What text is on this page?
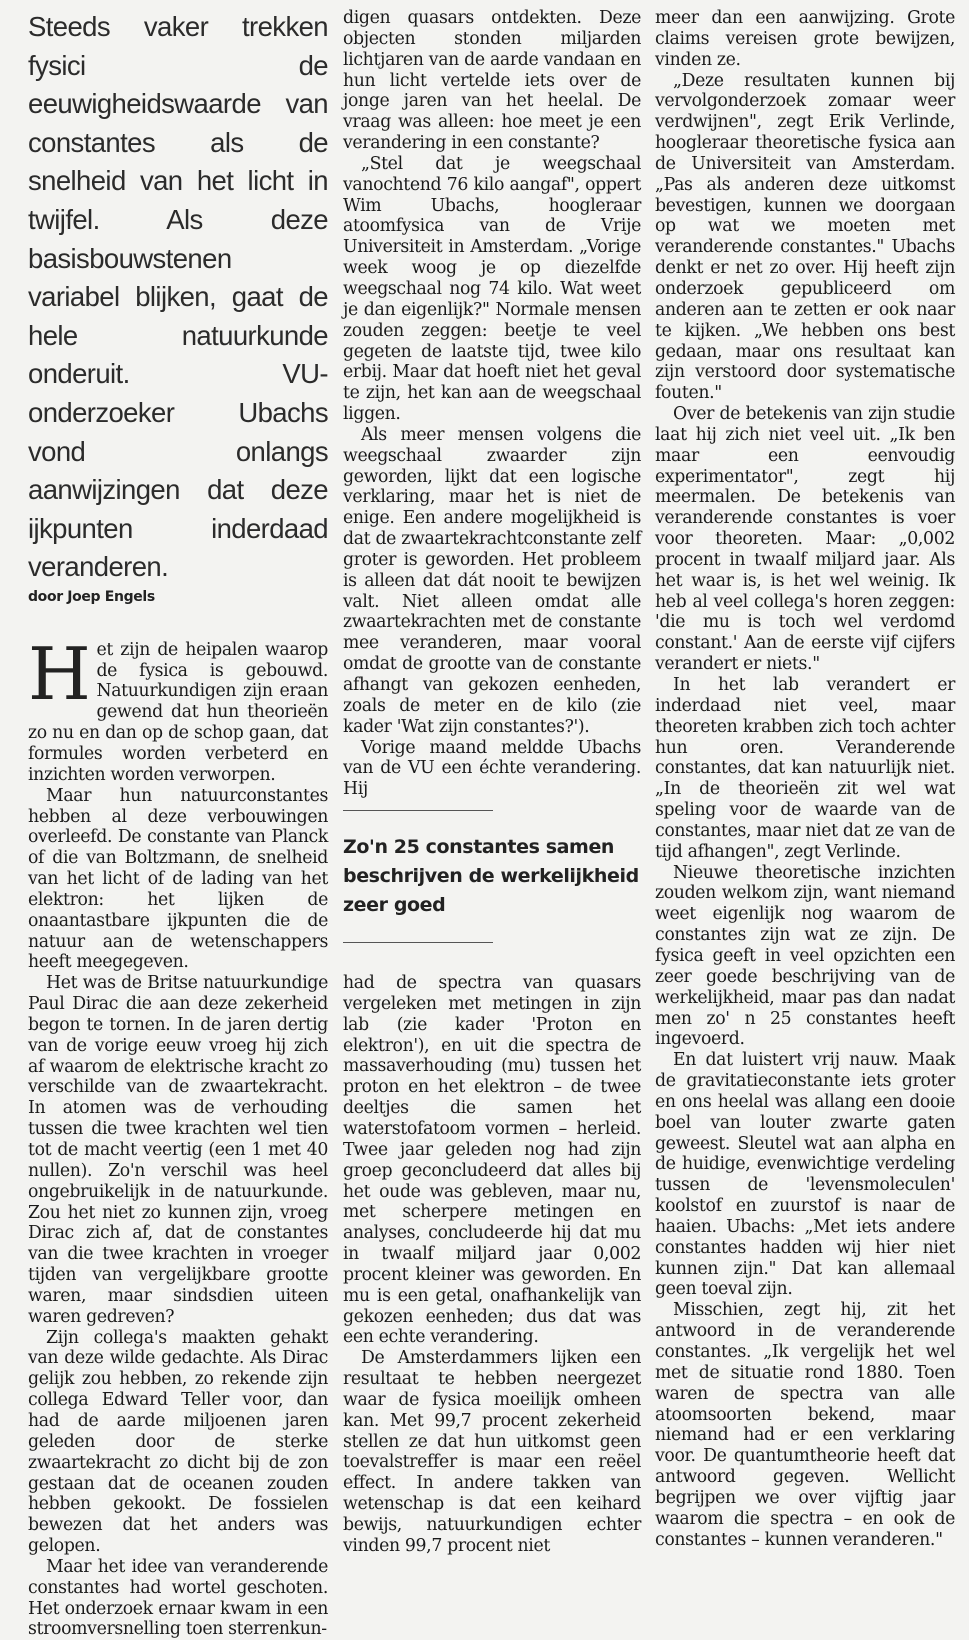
Steeds vaker trekken fysici de eeuwigheidswaarde van constantes als de snelheid van het licht in twijfel. Als deze basisbouwstenen variabel blijken, gaat de hele natuurkunde onderuit. VU-onderzoeker Ubachs vond onlangs aanwijzingen dat deze ijkpunten inderdaad veranderen.

door Joep Engels

Het zijn de heipalen waarop de fysica is gebouwd. Natuurkundigen zijn eraan gewend dat hun theorieën zo nu en dan op de schop gaan, dat formules worden verbeterd en inzichten worden verworpen.

Maar hun natuurconstantes hebben al deze verbouwingen overleefd. De constante van Planck of die van Boltzmann, de snelheid van het licht of de lading van het elektron: het lijken de onaantastbare ijkpunten die de natuur aan de wetenschappers heeft meegegeven.

Het was de Britse natuurkundige Paul Dirac die aan deze zekerheid begon te tornen. In de jaren dertig van de vorige eeuw vroeg hij zich af waarom de elektrische kracht zo verschilde van de zwaartekracht. In atomen was de verhouding tussen die twee krachten wel tien tot de macht veertig (een 1 met 40 nullen). Zo'n verschil was heel ongebruikelijk in de natuurkunde. Zou het niet zo kunnen zijn, vroeg Dirac zich af, dat de constantes van die twee krachten in vroeger tijden van vergelijkbare grootte waren, maar sindsdien uiteen waren gedreven?

Zijn collega's maakten gehakt van deze wilde gedachte. Als Dirac gelijk zou hebben, zo rekende zijn collega Edward Teller voor, dan had de aarde miljoenen jaren geleden door de sterke zwaartekracht zo dicht bij de zon gestaan dat de oceanen zouden hebben gekookt. De fossielen bewezen dat het anders was gelopen.

Maar het idee van veranderende constantes had wortel geschoten. Het onderzoek ernaar kwam in een stroomversnelling toen sterrenkun-

digen quasars ontdekten. Deze objecten stonden miljarden lichtjaren van de aarde vandaan en hun licht vertelde iets over de jonge jaren van het heelal. De vraag was alleen: hoe meet je een verandering in een constante?

„Stel dat je weegschaal vanochtend 76 kilo aangaf", oppert Wim Ubachs, hoogleraar atoomfysica van de Vrije Universiteit in Amsterdam. „Vorige week woog je op diezelfde weegschaal nog 74 kilo. Wat weet je dan eigenlijk?" Normale mensen zouden zeggen: beetje te veel gegeten de laatste tijd, twee kilo erbij. Maar dat hoeft niet het geval te zijn, het kan aan de weegschaal liggen.

Als meer mensen volgens die weegschaal zwaarder zijn geworden, lijkt dat een logische verklaring, maar het is niet de enige. Een andere mogelijkheid is dat de zwaartekrachtconstante zelf groter is geworden. Het probleem is alleen dat dát nooit te bewijzen valt. Niet alleen omdat alle zwaartekrachten met de constante mee veranderen, maar vooral omdat de grootte van de constante afhangt van gekozen eenheden, zoals de meter en de kilo (zie kader 'Wat zijn constantes?').

Vorige maand meldde Ubachs van de VU een échte verandering. Hij

Zo'n 25 constantes samen beschrijven de werkelijkheid zeer goed

had de spectra van quasars vergeleken met metingen in zijn lab (zie kader 'Proton en elektron'), en uit die spectra de massaverhouding (mu) tussen het proton en het elektron – de twee deeltjes die samen het waterstofatoom vormen – herleid. Twee jaar geleden nog had zijn groep geconcludeerd dat alles bij het oude was gebleven, maar nu, met scherpere metingen en analyses, concludeerde hij dat mu in twaalf miljard jaar 0,002 procent kleiner was geworden. En mu is een getal, onafhankelijk van gekozen eenheden; dus dat was een echte verandering.

De Amsterdammers lijken een resultaat te hebben neergezet waar de fysica moeilijk omheen kan. Met 99,7 procent zekerheid stellen ze dat hun uitkomst geen toevalstreffer is maar een reëel effect. In andere takken van wetenschap is dat een keihard bewijs, natuurkundigen echter vinden 99,7 procent niet

meer dan een aanwijzing. Grote claims vereisen grote bewijzen, vinden ze.

„Deze resultaten kunnen bij vervolgonderzoek zomaar weer verdwijnen", zegt Erik Verlinde, hoogleraar theoretische fysica aan de Universiteit van Amsterdam. „Pas als anderen deze uitkomst bevestigen, kunnen we doorgaan op wat we moeten met veranderende constantes." Ubachs denkt er net zo over. Hij heeft zijn onderzoek gepubliceerd om anderen aan te zetten er ook naar te kijken. „We hebben ons best gedaan, maar ons resultaat kan zijn verstoord door systematische fouten."

Over de betekenis van zijn studie laat hij zich niet veel uit. „Ik ben maar een eenvoudig experimentator", zegt hij meermalen. De betekenis van veranderende constantes is voer voor theoreten. Maar: „0,002 procent in twaalf miljard jaar. Als het waar is, is het wel weinig. Ik heb al veel collega's horen zeggen: 'die mu is toch wel verdomd constant.' Aan de eerste vijf cijfers verandert er niets."

In het lab verandert er inderdaad niet veel, maar theoreten krabben zich toch achter hun oren. Veranderende constantes, dat kan natuurlijk niet. „In de theorieën zit wel wat speling voor de waarde van de constantes, maar niet dat ze van de tijd afhangen", zegt Verlinde.

Nieuwe theoretische inzichten zouden welkom zijn, want niemand weet eigenlijk nog waarom de constantes zijn wat ze zijn. De fysica geeft in veel opzichten een zeer goede beschrijving van de werkelijkheid, maar pas dan nadat men zo' n 25 constantes heeft ingevoerd.

En dat luistert vrij nauw. Maak de gravitatieconstante iets groter en ons heelal was allang een dooie boel van louter zwarte gaten geweest. Sleutel wat aan alpha en de huidige, evenwichtige verdeling tussen de 'levensmoleculen' koolstof en zuurstof is naar de haaien. Ubachs: „Met iets andere constantes hadden wij hier niet kunnen zijn." Dat kan allemaal geen toeval zijn.

Misschien, zegt hij, zit het antwoord in de veranderende constantes. „Ik vergelijk het wel met de situatie rond 1880. Toen waren de spectra van alle atoomsoorten bekend, maar niemand had er een verklaring voor. De quantumtheorie heeft dat antwoord gegeven. Wellicht begrijpen we over vijftig jaar waarom die spectra – en ook de constantes – kunnen veranderen."
